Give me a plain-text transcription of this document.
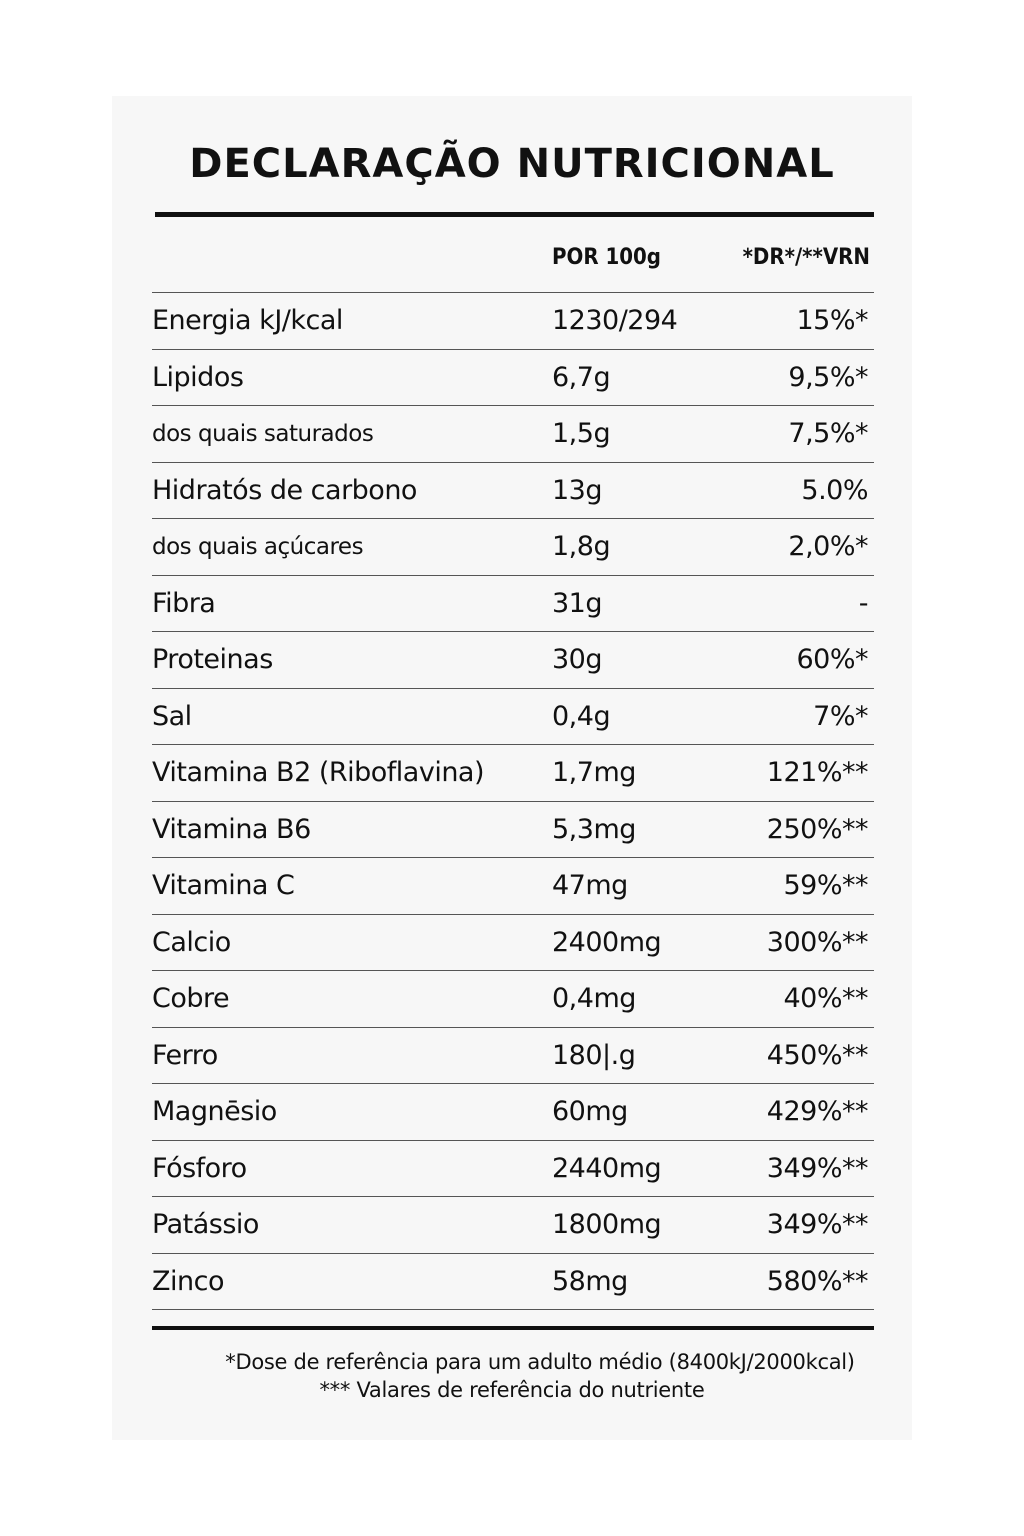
DECLARAÇÃO NUTRICIONAL
POR 100g	*DR*/**VRN
Energia kJ/kcal	1230/294	15%*
Lipidos	6,7g	9,5%*
dos quais saturados	1,5g	7,5%*
Hidratós de carbono	13g	5.0%
dos quais açúcares	1,8g	2,0%*
Fibra	31g	-
Proteinas	30g	60%*
Sal	0,4g	7%*
Vitamina B2 (Riboflavina)	1,7mg	121%**
Vitamina B6	5,3mg	250%**
Vitamina C	47mg	59%**
Calcio	2400mg	300%**
Cobre	0,4mg	40%**
Ferro	180|.g	450%**
Magnēsio	60mg	429%**
Fósforo	2440mg	349%**
Patássio	1800mg	349%**
Zinco	58mg	580%**
*Dose de referência para um adulto médio (8400kJ/2000kcal)
*** Valares de referência do nutriente
